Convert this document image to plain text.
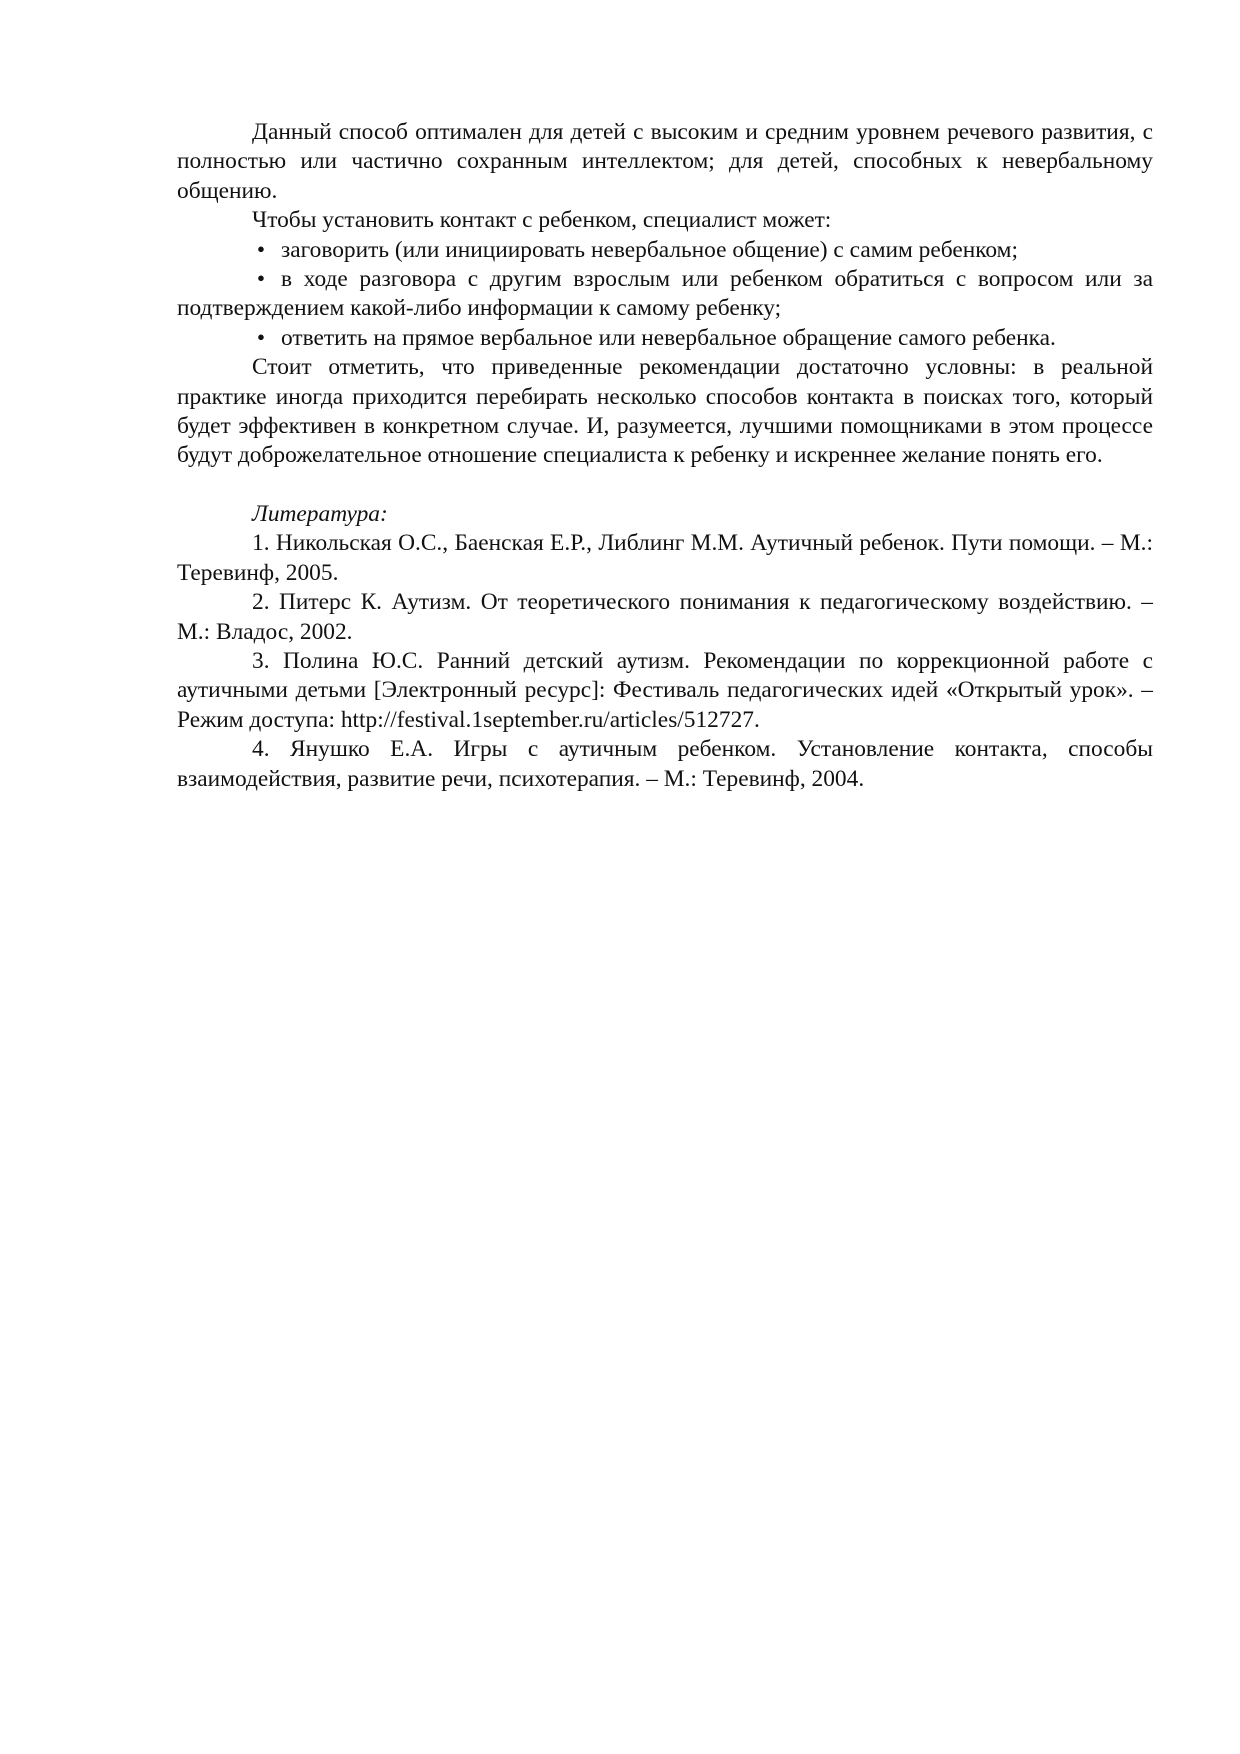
Данный способ оптимален для детей с высоким и средним уровнем речевого развития, с полностью или частично сохранным интеллектом; для детей, способных к невербальному общению.

Чтобы установить контакт с ребенком, специалист может:

• заговорить (или инициировать невербальное общение) с самим ребенком;
• в ходе разговора с другим взрослым или ребенком обратиться с вопросом или за подтверждением какой-либо информации к самому ребенку;
• ответить на прямое вербальное или невербальное обращение самого ребенка.

Стоит отметить, что приведенные рекомендации достаточно условны: в реальной практике иногда приходится перебирать несколько способов контакта в поисках того, который будет эффективен в конкретном случае. И, разумеется, лучшими помощниками в этом процессе будут доброжелательное отношение специалиста к ребенку и искреннее желание понять его.

Литература:

1. Никольская О.С., Баенская Е.Р., Либлинг М.М. Аутичный ребенок. Пути помощи. – М.: Теревинф, 2005.
2. Питерс К. Аутизм. От теоретического понимания к педагогическому воздействию. – М.: Владос, 2002.
3. Полина Ю.С. Ранний детский аутизм. Рекомендации по коррекционной работе с аутичными детьми [Электронный ресурс]: Фестиваль педагогических идей «Открытый урок». – Режим доступа: http://festival.1september.ru/articles/512727.
4. Янушко Е.А. Игры с аутичным ребенком. Установление контакта, способы взаимодействия, развитие речи, психотерапия. – М.: Теревинф, 2004.
